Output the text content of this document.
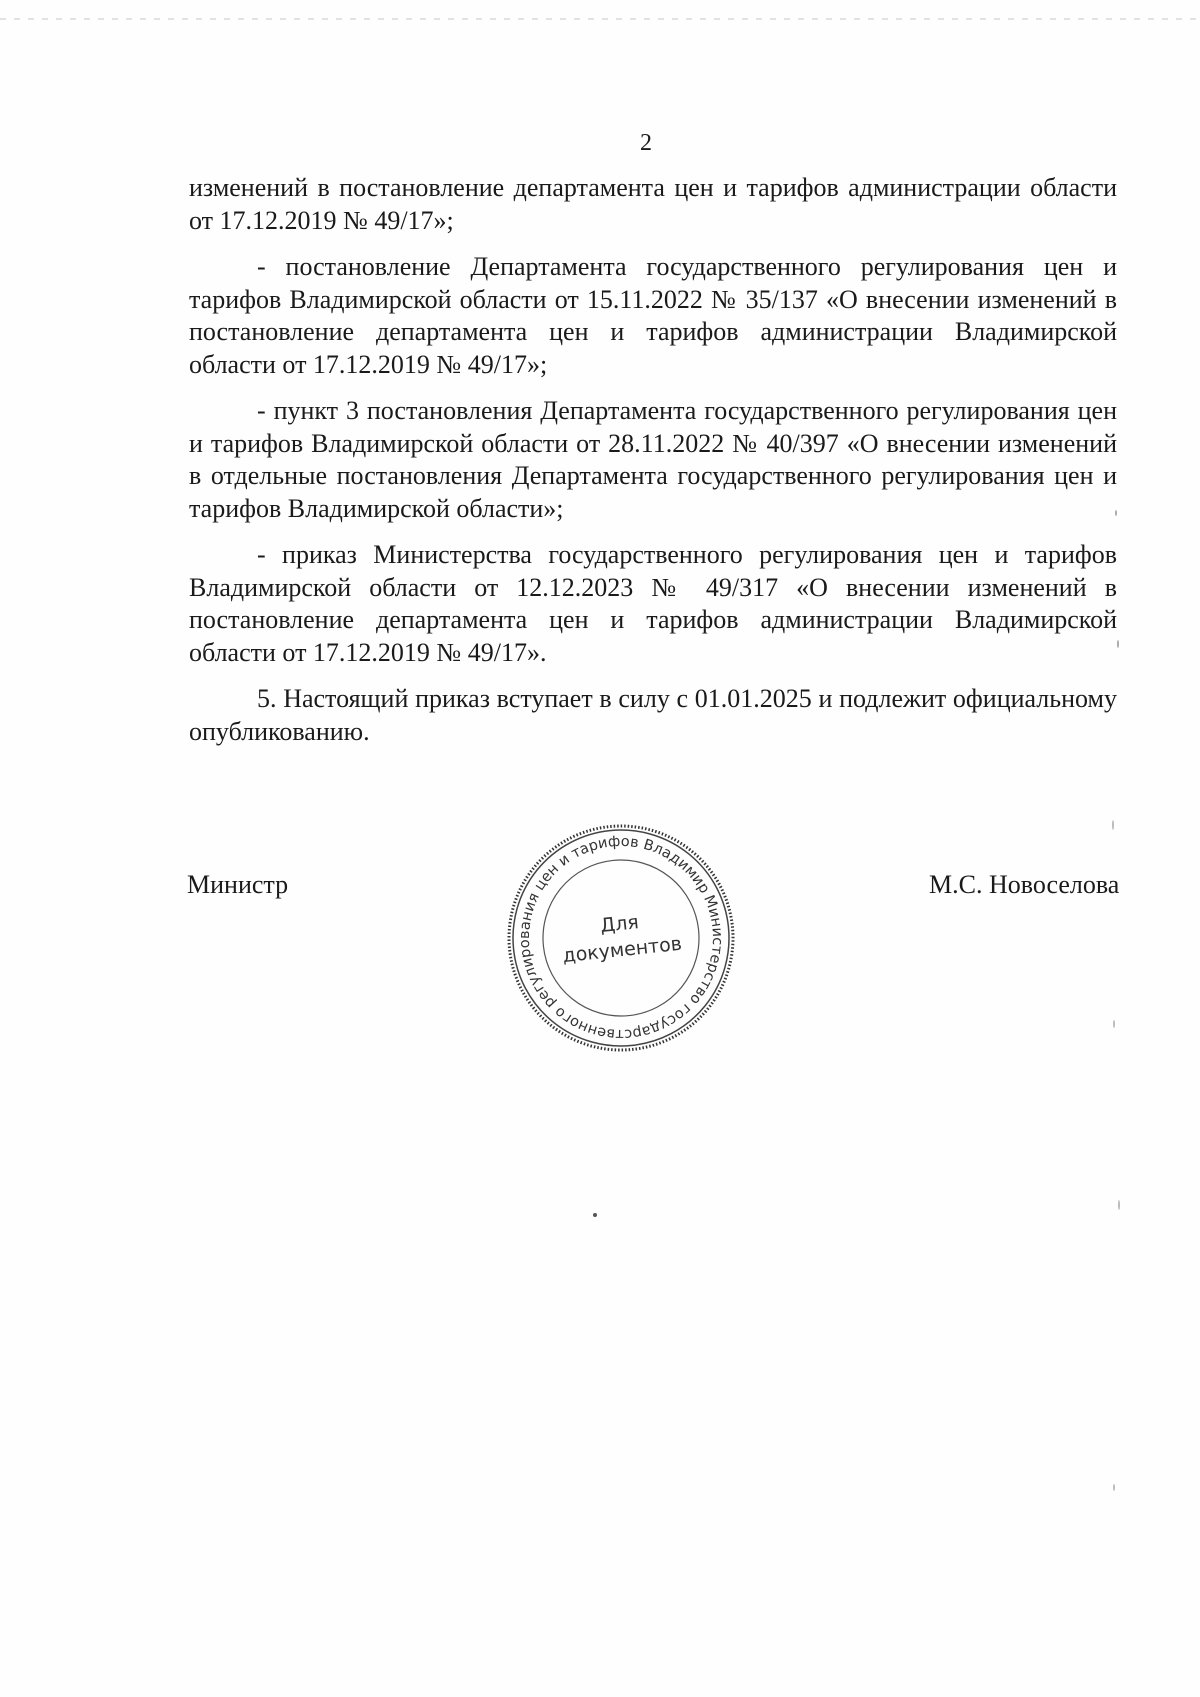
2

изменений в постановление департамента цен и тарифов администрации области от 17.12.2019 № 49/17»;

- постановление Департамента государственного регулирования цен и тарифов Владимирской области от 15.11.2022 № 35/137 «О внесении изменений в постановление департамента цен и тарифов администрации Владимирской области от 17.12.2019 № 49/17»;

- пункт 3 постановления Департамента государственного регулирования цен и тарифов Владимирской области от 28.11.2022 № 40/397 «О внесении изменений в отдельные постановления Департамента государственного регулирования цен и тарифов Владимирской области»;

- приказ Министерства государственного регулирования цен и тарифов Владимирской области от 12.12.2023 № 49/317 «О внесении изменений в постановление департамента цен и тарифов администрации Владимирской области от 17.12.2019 № 49/17».

5. Настоящий приказ вступает в силу с 01.01.2025 и подлежит официальному опубликованию.

Министр	М.С. Новоселова
Министерство государственного регулирования цен и тарифов Владимирской
Для
документов
